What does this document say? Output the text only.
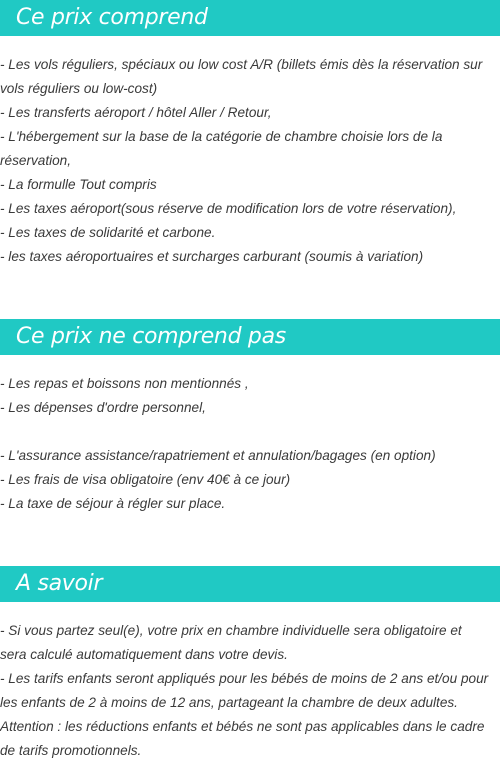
Ce prix comprend

- Les vols réguliers, spéciaux ou low cost A/R (billets émis dès la réservation sur

vols réguliers ou low-cost)

- Les transferts aéroport / hôtel Aller / Retour,

- L'hébergement sur la base de la catégorie de chambre choisie lors de la

réservation,

- La formulle Tout compris

- Les taxes aéroport(sous réserve de modification lors de votre réservation),

- Les taxes de solidarité et carbone.

- les taxes aéroportuaires et surcharges carburant (soumis à variation)

Ce prix ne comprend pas

- Les repas et boissons non mentionnés ,

- Les dépenses d'ordre personnel,

- L'assurance assistance/rapatriement et annulation/bagages (en option)

- Les frais de visa obligatoire (env 40€ à ce jour)

- La taxe de séjour à régler sur place.

A savoir

- Si vous partez seul(e), votre prix en chambre individuelle sera obligatoire et

sera calculé automatiquement dans votre devis.

- Les tarifs enfants seront appliqués pour les bébés de moins de 2 ans et/ou pour

les enfants de 2 à moins de 12 ans, partageant la chambre de deux adultes.

Attention : les réductions enfants et bébés ne sont pas applicables dans le cadre

de tarifs promotionnels.
